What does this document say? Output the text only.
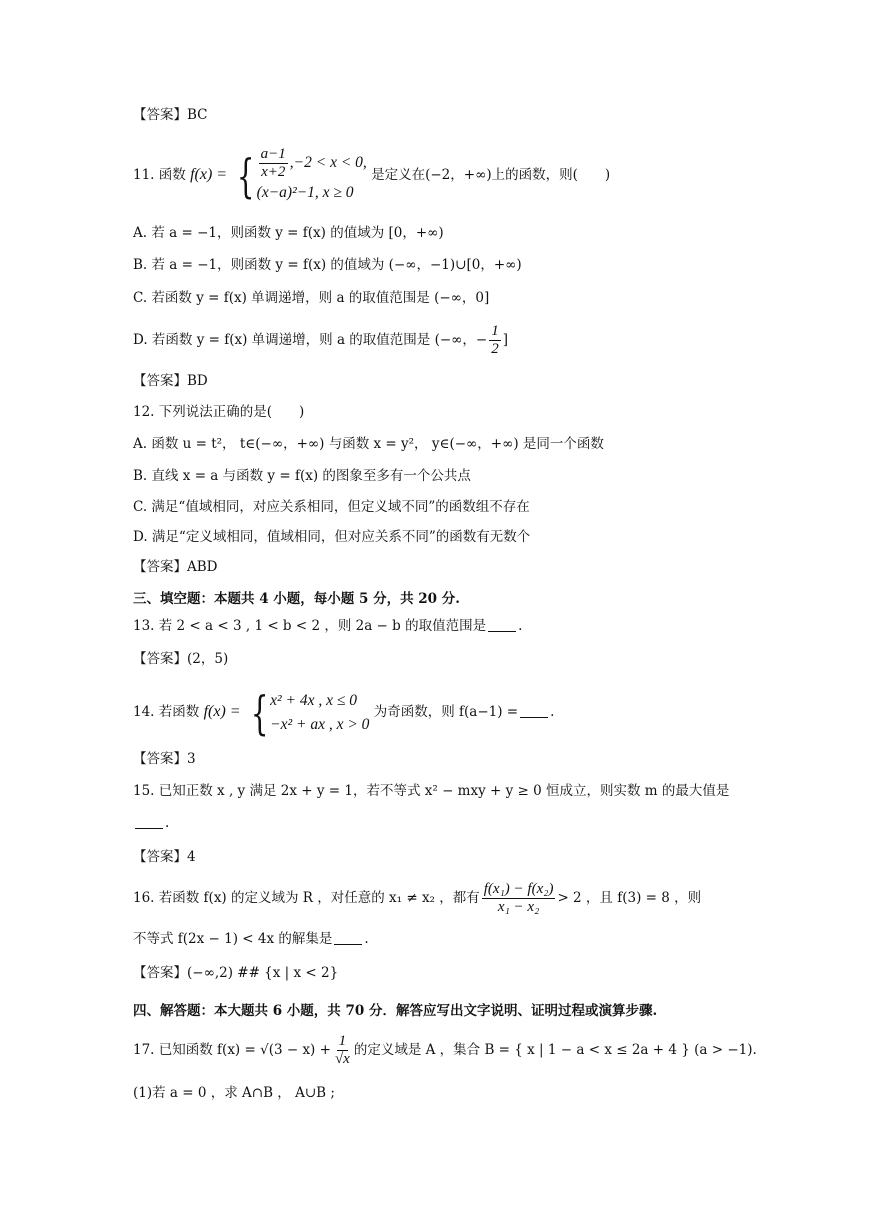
【答案】BC
11. 函数 f(x) = { $\frac{a-1}{x+2} ,-2 < x < 0$,
(x−a)²−1, x ≥ 0
是定义在(−2，+∞)上的函数，则(　　)
A. 若 a = −1，则函数 y = f(x) 的值域为 [0，+∞)
B. 若 a = −1，则函数 y = f(x) 的值域为 (−∞，−1)∪[0，+∞)
C. 若函数 y = f(x) 单调递增，则 a 的取值范围是 (−∞，0]
D. 若函数 y = f(x) 单调递增，则 a 的取值范围是 (−∞，− $\frac{1}{2}$ ]
【答案】BD
12. 下列说法正确的是(　　)
A. 函数 u = t²， t∈(−∞，+∞) 与函数 x = y²， y∈(−∞，+∞) 是同一个函数
B. 直线 x = a 与函数 y = f(x) 的图象至多有一个公共点
C. 满足“值域相同，对应关系相同，但定义域不同”的函数组不存在
D. 满足“定义域相同，值域相同，但对应关系不同”的函数有无数个
【答案】ABD
三、填空题：本题共 4 小题，每小题 5 分，共 20 分.
13. 若 2 < a < 3 , 1 < b < 2 ，则 2a − b 的取值范围是 .
【答案】(2，5)
14. 若函数 f(x) = { x² + 4x , x ≤ 0
−x² + ax , x > 0
为奇函数，则 f(a−1) = .
【答案】3
15. 已知正数 x , y 满足 2x + y = 1，若不等式 x² − mxy + y ≥ 0 恒成立，则实数 m 的最大值是
.
【答案】4
16. 若函数 f(x) 的定义域为 R ，对任意的 x₁ ≠ x₂ ，都有 $\frac{\text{f(x₁) − f(x₂)}}{\text{x₁ − x₂}} > 2$ ，且 f(3) = 8 ，则
不等式 f(2x − 1) < 4x 的解集是 .
【答案】(−∞,2) ## {x | x < 2}
四、解答题：本大题共 6 小题，共 70 分．解答应写出文字说明、证明过程或演算步骤.
17. 已知函数 $f(x) = √(3 - x) + \frac{1}{√x}$ 的定义域是 A ，集合 B = { x | 1 − a < x ≤ 2a + 4 } (a > −1).
(1)若 a = 0 ，求 A∩B ， A∪B ;
